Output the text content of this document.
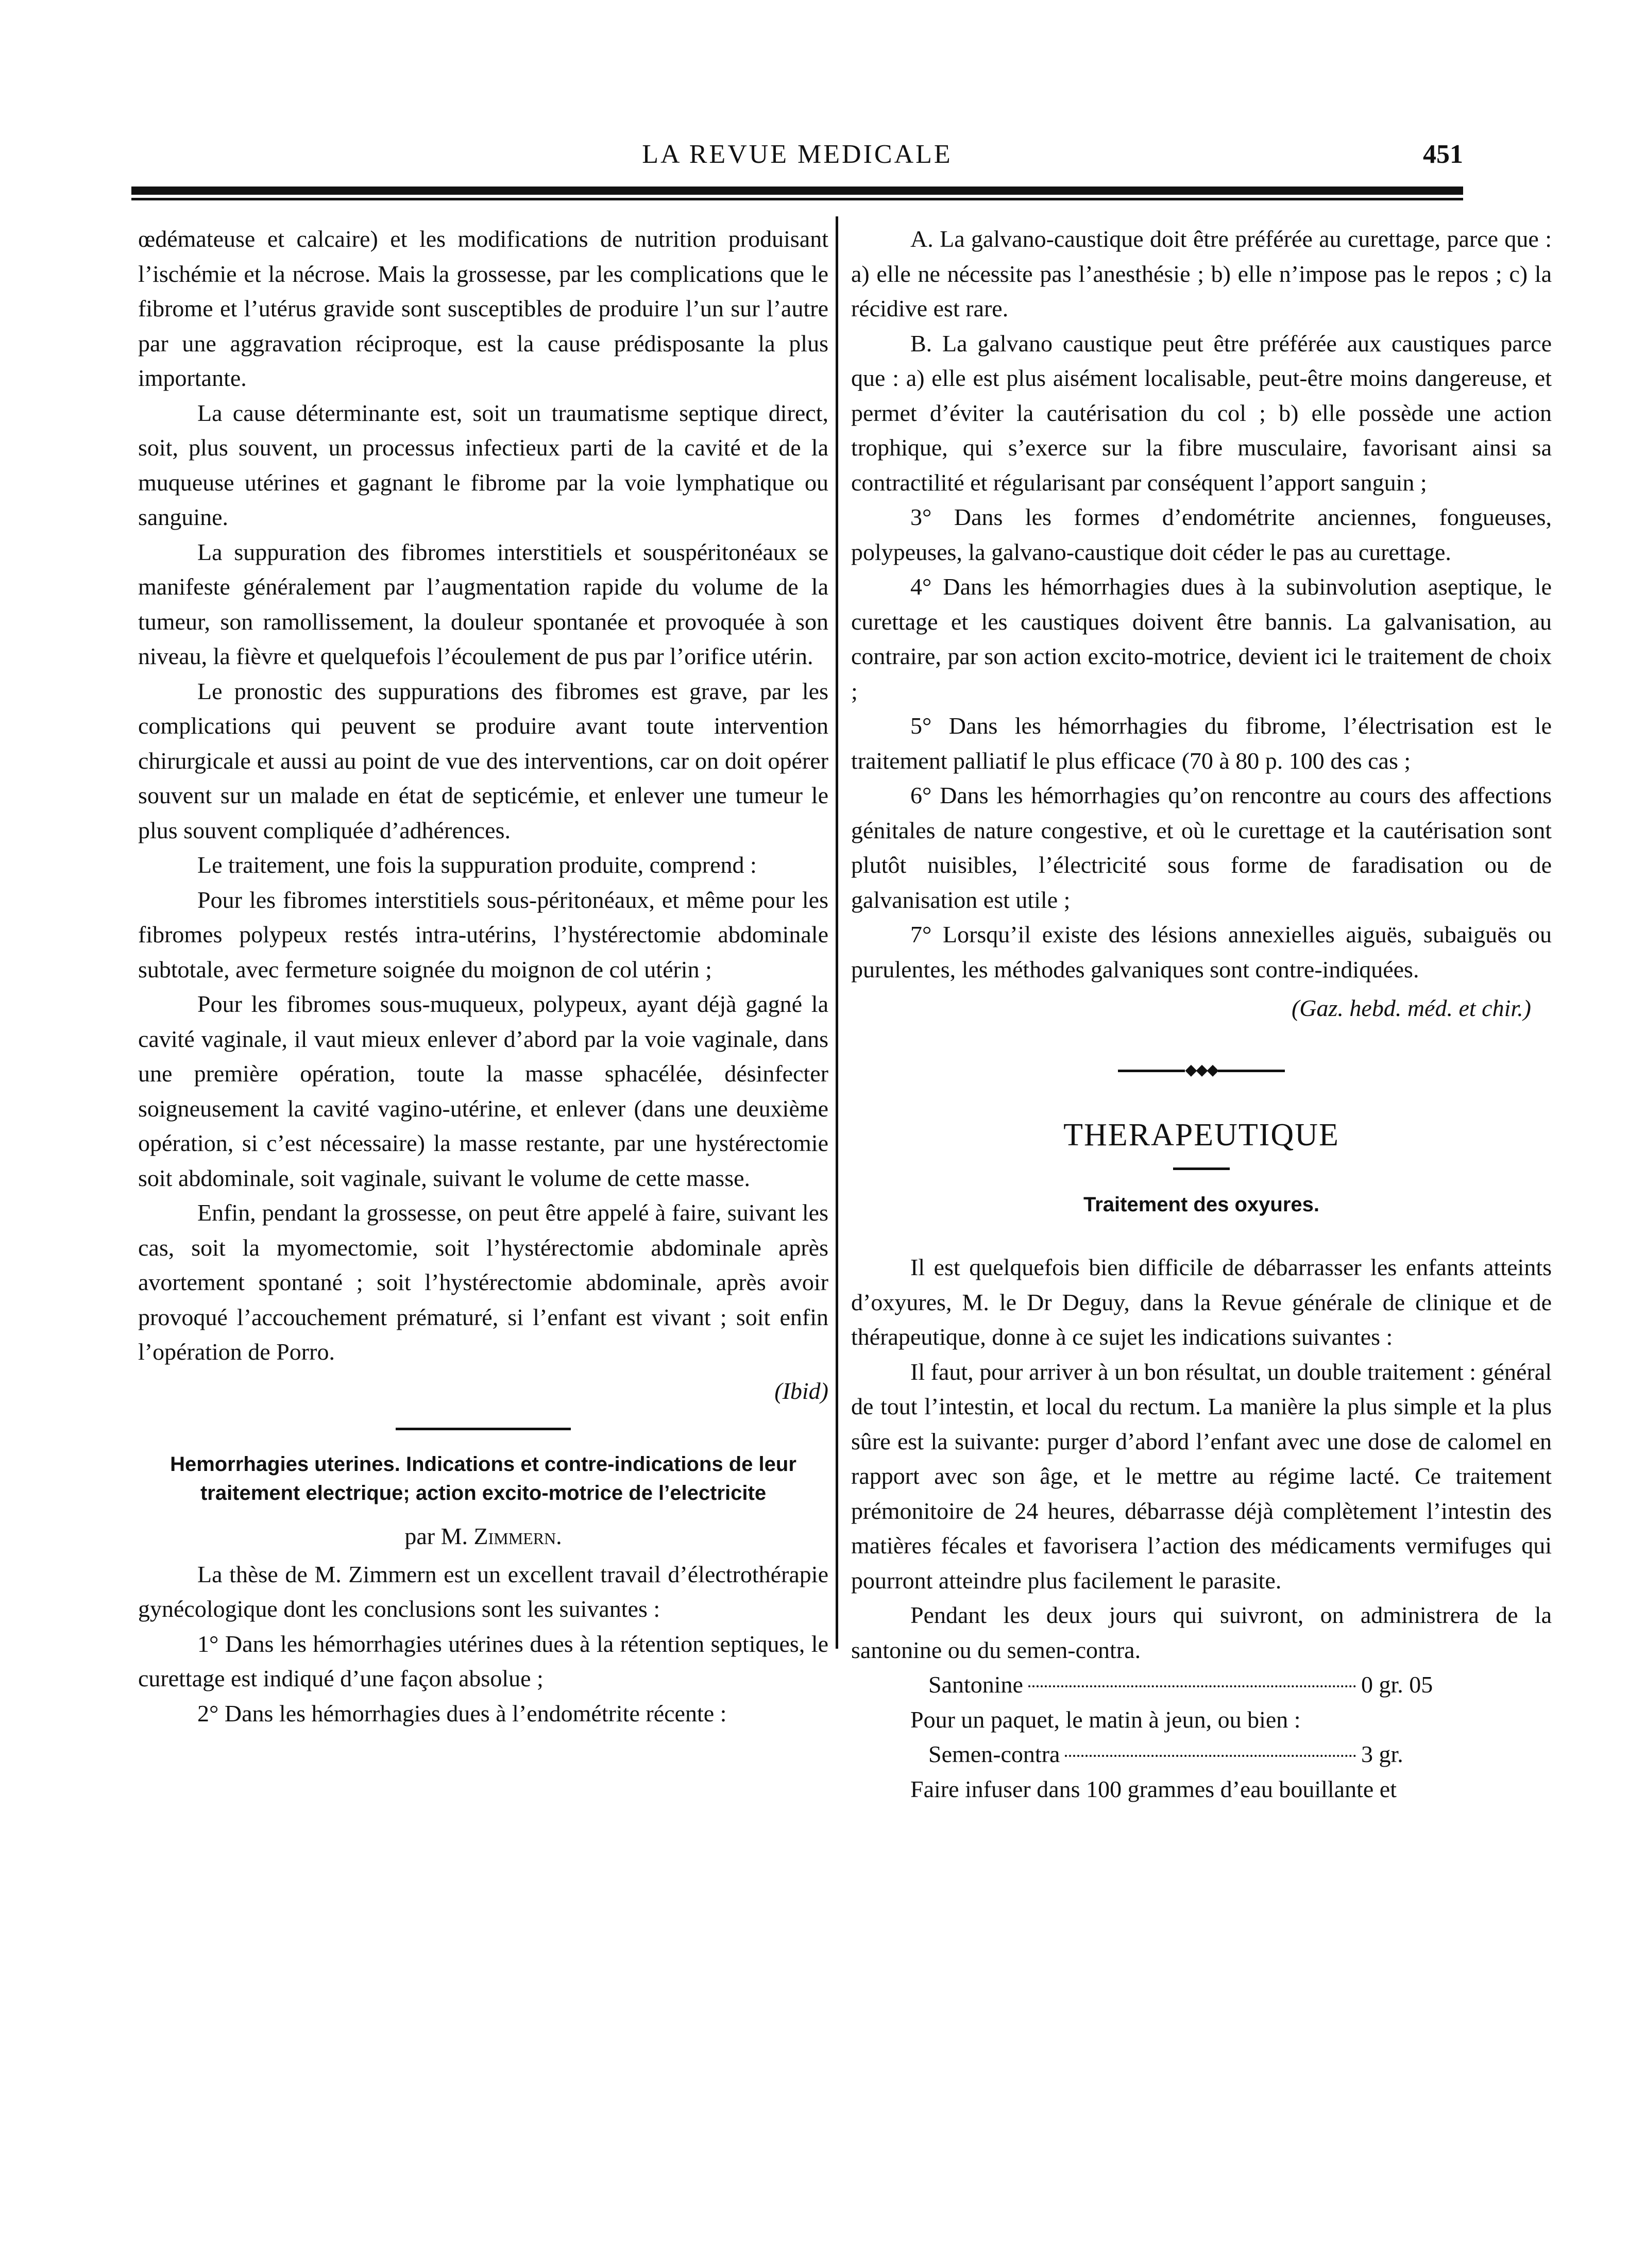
LA REVUE MEDICALE	451

œdémateuse et calcaire) et les modifications de nutrition produisant l’ischémie et la nécrose. Mais la grossesse, par les complications que le fibrome et l’utérus gravide sont susceptibles de produire l’un sur l’autre par une aggravation réciproque, est la cause prédisposante la plus importante.

La cause déterminante est, soit un traumatisme septique direct, soit, plus souvent, un processus infectieux parti de la cavité et de la muqueuse utérines et gagnant le fibrome par la voie lymphatique ou sanguine.

La suppuration des fibromes interstitiels et souspéritonéaux se manifeste généralement par l’augmentation rapide du volume de la tumeur, son ramollissement, la douleur spontanée et provoquée à son niveau, la fièvre et quelquefois l’écoulement de pus par l’orifice utérin.

Le pronostic des suppurations des fibromes est grave, par les complications qui peuvent se produire avant toute intervention chirurgicale et aussi au point de vue des interventions, car on doit opérer souvent sur un malade en état de septicémie, et enlever une tumeur le plus souvent compliquée d’adhérences.

Le traitement, une fois la suppuration produite, comprend :

Pour les fibromes interstitiels sous-péritonéaux, et même pour les fibromes polypeux restés intra-utérins, l’hystérectomie abdominale subtotale, avec fermeture soignée du moignon de col utérin ;

Pour les fibromes sous-muqueux, polypeux, ayant déjà gagné la cavité vaginale, il vaut mieux enlever d’abord par la voie vaginale, dans une première opération, toute la masse sphacélée, désinfecter soigneusement la cavité vagino-utérine, et enlever (dans une deuxième opération, si c’est nécessaire) la masse restante, par une hystérectomie soit abdominale, soit vaginale, suivant le volume de cette masse.

Enfin, pendant la grossesse, on peut être appelé à faire, suivant les cas, soit la myomectomie, soit l’hystérectomie abdominale après avortement spontané ; soit l’hystérectomie abdominale, après avoir provoqué l’accouchement prématuré, si l’enfant est vivant ; soit enfin l’opération de Porro.

(Ibid)

Hemorrhagies uterines. Indications et contre-indications de leur traitement electrique; action excito-motrice de l’electricite
par M. Zimmern.

La thèse de M. Zimmern est un excellent travail d’électrothérapie gynécologique dont les conclusions sont les suivantes :

1° Dans les hémorrhagies utérines dues à la rétention septiques, le curettage est indiqué d’une façon absolue ;

2° Dans les hémorrhagies dues à l’endométrite récente :

A. La galvano-caustique doit être préférée au curettage, parce que : a) elle ne nécessite pas l’anesthésie ; b) elle n’impose pas le repos ; c) la récidive est rare.

B. La galvano caustique peut être préférée aux caustiques parce que : a) elle est plus aisément localisable, peut-être moins dangereuse, et permet d’éviter la cautérisation du col ; b) elle possède une action trophique, qui s’exerce sur la fibre musculaire, favorisant ainsi sa contractilité et régularisant par conséquent l’apport sanguin ;

3° Dans les formes d’endométrite anciennes, fongueuses, polypeuses, la galvano-caustique doit céder le pas au curettage.

4° Dans les hémorrhagies dues à la subinvolution aseptique, le curettage et les caustiques doivent être bannis. La galvanisation, au contraire, par son action excito-motrice, devient ici le traitement de choix ;

5° Dans les hémorrhagies du fibrome, l’électrisation est le traitement palliatif le plus efficace (70 à 80 p. 100 des cas ;

6° Dans les hémorrhagies qu’on rencontre au cours des affections génitales de nature congestive, et où le curettage et la cautérisation sont plutôt nuisibles, l’électricité sous forme de faradisation ou de galvanisation est utile ;

7° Lorsqu’il existe des lésions annexielles aiguës, subaiguës ou purulentes, les méthodes galvaniques sont contre-indiquées.

(Gaz. hebd. méd. et chir.)

◆◆◆
THERAPEUTIQUE
Traitement des oxyures.

Il est quelquefois bien difficile de débarrasser les enfants atteints d’oxyures, M. le Dr Deguy, dans la Revue générale de clinique et de thérapeutique, donne à ce sujet les indications suivantes :

Il faut, pour arriver à un bon résultat, un double traitement : général de tout l’intestin, et local du rectum. La manière la plus simple et la plus sûre est la suivante: purger d’abord l’enfant avec une dose de calomel en rapport avec son âge, et le mettre au régime lacté. Ce traitement prémonitoire de 24 heures, débarrasse déjà complètement l’intestin des matières fécales et favorisera l’action des médicaments vermifuges qui pourront atteindre plus facilement le parasite.

Pendant les deux jours qui suivront, on administrera de la santonine ou du semen-contra.

Santonine	0 gr. 05

Pour un paquet, le matin à jeun, ou bien :

Semen-contra	3 gr.

Faire infuser dans 100 grammes d’eau bouillante et
